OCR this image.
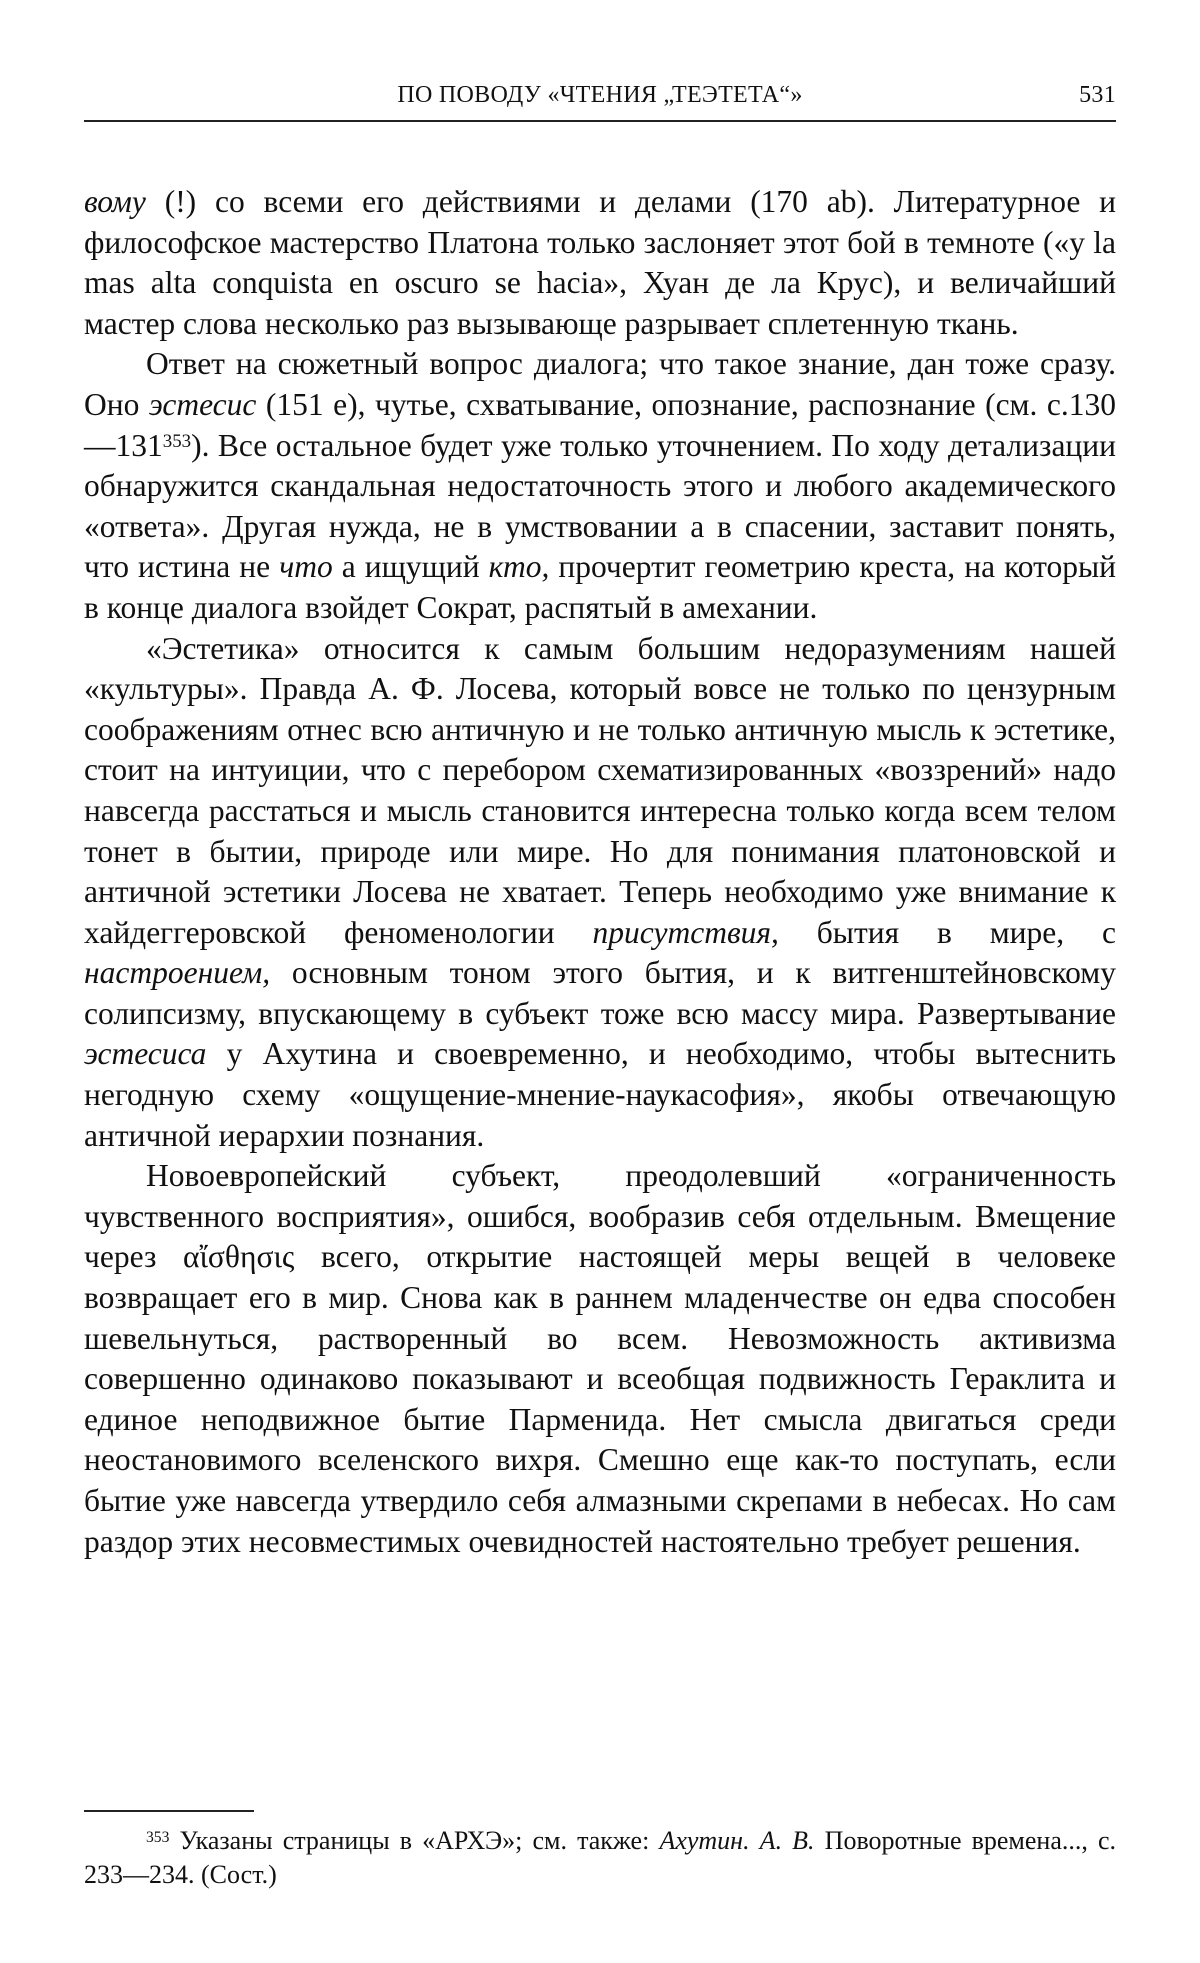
ПО ПОВОДУ «ЧТЕНИЯ „ТЕЭТЕТА“»	531

вому (!) со всеми его действиями и делами (170 ab). Литературное и философское мастерство Платона только заслоняет этот бой в темноте («y la mas alta conquista en oscuro se hacia», Хуан де ла Крус), и величайший мастер слова несколько раз вызывающе разрывает сплетенную ткань.

Ответ на сюжетный вопрос диалога; что такое знание, дан тоже сразу. Оно эстесис (151 е), чутье, схватывание, опознание, распознание (см. $с.130—131^{353}$). Все остальное будет уже только уточнением. По ходу детализации обнаружится скандальная недостаточность этого и любого академического «ответа». Другая нужда, не в умствовании а в спасении, заставит понять, что истина не что а ищущий кто, прочертит геометрию креста, на который в конце диалога взойдет Сократ, распятый в амехании.

«Эстетика» относится к самым большим недоразумениям нашей «культуры». Правда А. Ф. Лосева, который вовсе не только по цензурным соображениям отнес всю античную и не только античную мысль к эстетике, стоит на интуиции, что с перебором схематизированных «воззрений» надо навсегда расстаться и мысль становится интересна только когда всем телом тонет в бытии, природе или мире. Но для понимания платоновской и античной эстетики Лосева не хватает. Теперь необходимо уже внимание к хайдеггеровской феноменологии присутствия, бытия в мире, с настроением, основным тоном этого бытия, и к витгенштейновскому солипсизму, впускающему в субъект тоже всю массу мира. Развертывание эстесиса у Ахутина и своевременно, и необходимо, чтобы вытеснить негодную схему «ощущение-мнение-наукасофия», якобы отвечающую античной иерархии познания.

Новоевропейский субъект, преодолевший «ограниченность чувственного восприятия», ошибся, вообразив себя отдельным. Вмещение через αἴσθησις всего, открытие настоящей меры вещей в человеке возвращает его в мир. Снова как в раннем младенчестве он едва способен шевельнуться, растворенный во всем. Невозможность активизма совершенно одинаково показывают и всеобщая подвижность Гераклита и единое неподвижное бытие Парменида. Нет смысла двигаться среди неостановимого вселенского вихря. Смешно еще как-то поступать, если бытие уже навсегда утвердило себя алмазными скрепами в небесах. Но сам раздор этих несовместимых очевидностей настоятельно требует решения.

$^{353}$ Указаны страницы в «АРХЭ»; см. также: Ахутин. А. В. Поворотные времена..., с. 233—234. (Сост.)
